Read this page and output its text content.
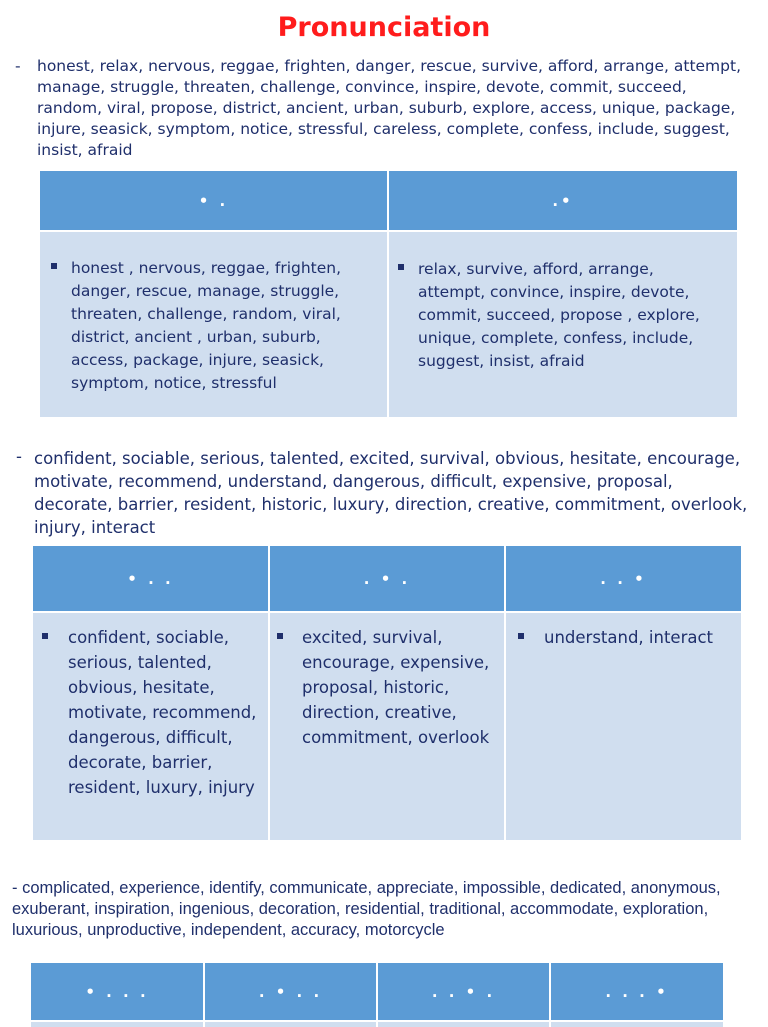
Pronunciation
- honest, relax, nervous, reggae, frighten, danger, rescue, survive, afford, arrange, attempt, manage, struggle, threaten, challenge, convince, inspire, devote, commit, succeed, random, viral, propose, district, ancient, urban, suburb, explore, access, unique, package, injure, seasick, symptom, notice, stressful, careless, complete, confess, include, suggest, insist, afraid
• .	.•

honest , nervous, reggae, frighten, danger, rescue, manage, struggle, threaten, challenge, random, viral, district, ancient , urban, suburb, access, package, injure, seasick, symptom, notice, stressful	relax, survive, afford, arrange, attempt, convince, inspire, devote, commit, succeed, propose , explore, unique, complete, confess, include, suggest, insist, afraid
- confident, sociable, serious, talented, excited, survival, obvious, hesitate, encourage, motivate, recommend, understand, dangerous, difficult, expensive, proposal, decorate, barrier, resident, historic, luxury, direction, creative, commitment, overlook, injury, interact
• . .	. • .	. . •

confident, sociable, serious, talented, obvious, hesitate, motivate, recommend, dangerous, difficult, decorate, barrier, resident, luxury, injury	excited, survival, encourage, expensive, proposal, historic, direction, creative, commitment, overlook	understand, interact
- complicated, experience, identify, communicate, appreciate, impossible, dedicated, anonymous, exuberant, inspiration, ingenious, decoration, residential, traditional, accommodate, exploration, luxurious, unproductive, independent, accuracy, motorcycle
• . . .	. • . .	. . • .	. . . •
